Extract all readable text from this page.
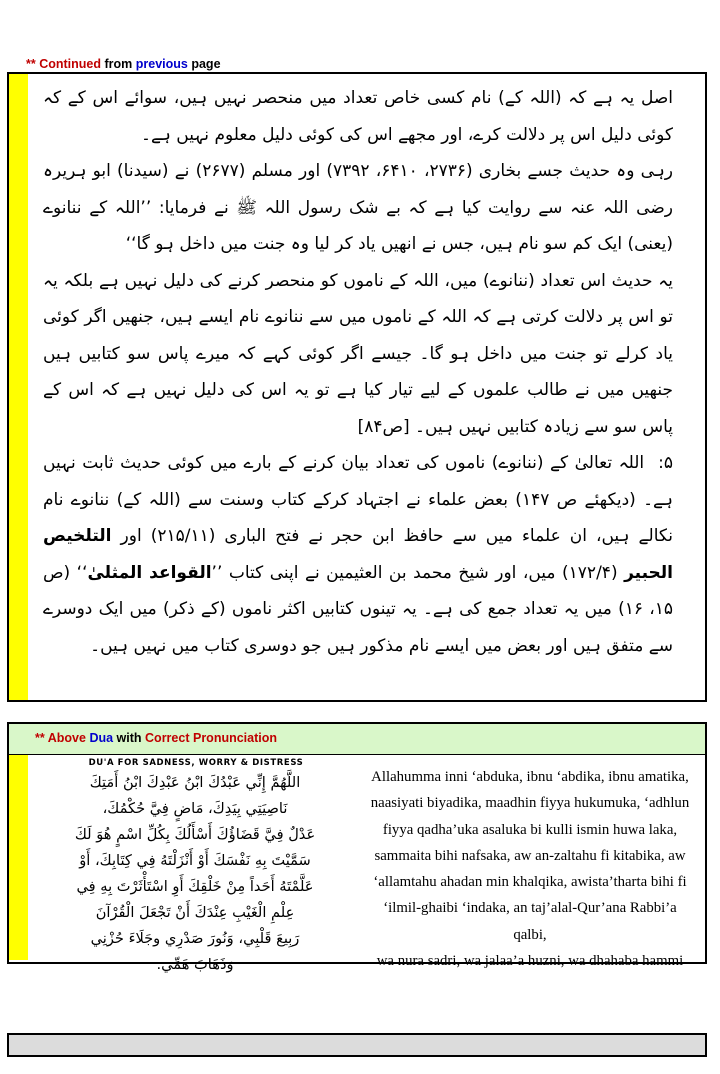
** Continued from previous page

اصل یہ ہے کہ (اللہ کے) نام کسی خاص تعداد میں منحصر نہیں ہیں، سوائے اس کے کہ کوئی دلیل اس پر دلالت کرے، اور مجھے اس کی کوئی دلیل معلوم نہیں ہے۔

رہی وہ حدیث جسے بخاری (۲۷۳۶، ۶۴۱۰، ۷۳۹۲) اور مسلم (۲۶۷۷) نے (سیدنا) ابو ہریرہ رضی اللہ عنہ سے روایت کیا ہے کہ بے شک رسول اللہ ﷺ نے فرمایا: ’’اللہ کے ننانوے (یعنی) ایک کم سو نام ہیں، جس نے انھیں یاد کر لیا وہ جنت میں داخل ہو گا‘‘

یہ حدیث اس تعداد (ننانوے) میں، اللہ کے ناموں کو منحصر کرنے کی دلیل نہیں ہے بلکہ یہ تو اس پر دلالت کرتی ہے کہ اللہ کے ناموں میں سے ننانوے نام ایسے ہیں، جنھیں اگر کوئی یاد کرلے تو جنت میں داخل ہو گا۔ جیسے اگر کوئی کہے کہ میرے پاس سو کتابیں ہیں جنھیں میں نے طالب علموں کے لیے تیار کیا ہے تو یہ اس کی دلیل نہیں ہے کہ اس کے پاس سو سے زیادہ کتابیں نہیں ہیں۔ [ص۸۴]

۵:اللہ تعالیٰ کے (ننانوے) ناموں کی تعداد بیان کرنے کے بارے میں کوئی حدیث ثابت نہیں ہے۔ (دیکھئے ص ۱۴۷) بعض علماء نے اجتہاد کرکے کتاب وسنت سے (اللہ کے) ننانوے نام نکالے ہیں، ان علماء میں سے حافظ ابن حجر نے فتح الباری (۲۱۵/۱۱) اور التلخیص الحبیر (۱۷۲/۴) میں، اور شیخ محمد بن العثیمین نے اپنی کتاب ’’القواعد المثلیٰ‘‘ (ص ۱۵، ۱۶) میں یہ تعداد جمع کی ہے۔ یہ تینوں کتابیں اکثر ناموں (کے ذکر) میں ایک دوسرے سے متفق ہیں اور بعض میں ایسے نام مذکور ہیں جو دوسری کتاب میں نہیں ہیں۔

** Above Dua with Correct Pronunciation
DU'A FOR SADNESS, WORRY & DISTRESS

اللَّهُمَّ إِنِّي عَبْدُكَ ابْنُ عَبْدِكَ ابْنُ أَمَتِكَ

نَاصِيَتِي بِيَدِكَ، مَاضٍ فِيَّ حُكْمُكَ،

عَدْلٌ فِيَّ قَضَاؤُكَ أَسْأَلُكَ بِكُلِّ اسْمٍ هُوَ لَكَ

سَمَّيْتَ بِهِ نَفْسَكَ أَوْ أَنْزَلْتَهُ فِي كِتَابِكَ، أَوْ

عَلَّمْتَهُ أَحَداً مِنْ خَلْقِكَ أَوِ اسْتَأْثَرْتَ بِهِ فِي

عِلْمِ الْغَيْبِ عِنْدَكَ أَنْ تَجْعَلَ الْقُرْآنَ

رَبِيعَ قَلْبِي، وَنُورَ صَدْرِي وجَلَاءَ حُزْنِي

وَذَهَابَ هَمِّي.

Allahumma inni ‘abduka, ibnu ‘abdika, ibnu amatika,

naasiyati biyadika, maadhin fiyya hukumuka, ‘adhlun

fiyya qadha’uka asaluka bi kulli ismin huwa laka,

sammaita bihi nafsaka, aw an-zaltahu fi kitabika, aw

‘allamtahu ahadan min khalqika, awista’tharta bihi fi

‘ilmil-ghaibi ‘indaka, an taj’alal-Qur’ana Rabbi’a qalbi,

wa nura sadri, wa jalaa’a huzni, wa dhahaba hammi
